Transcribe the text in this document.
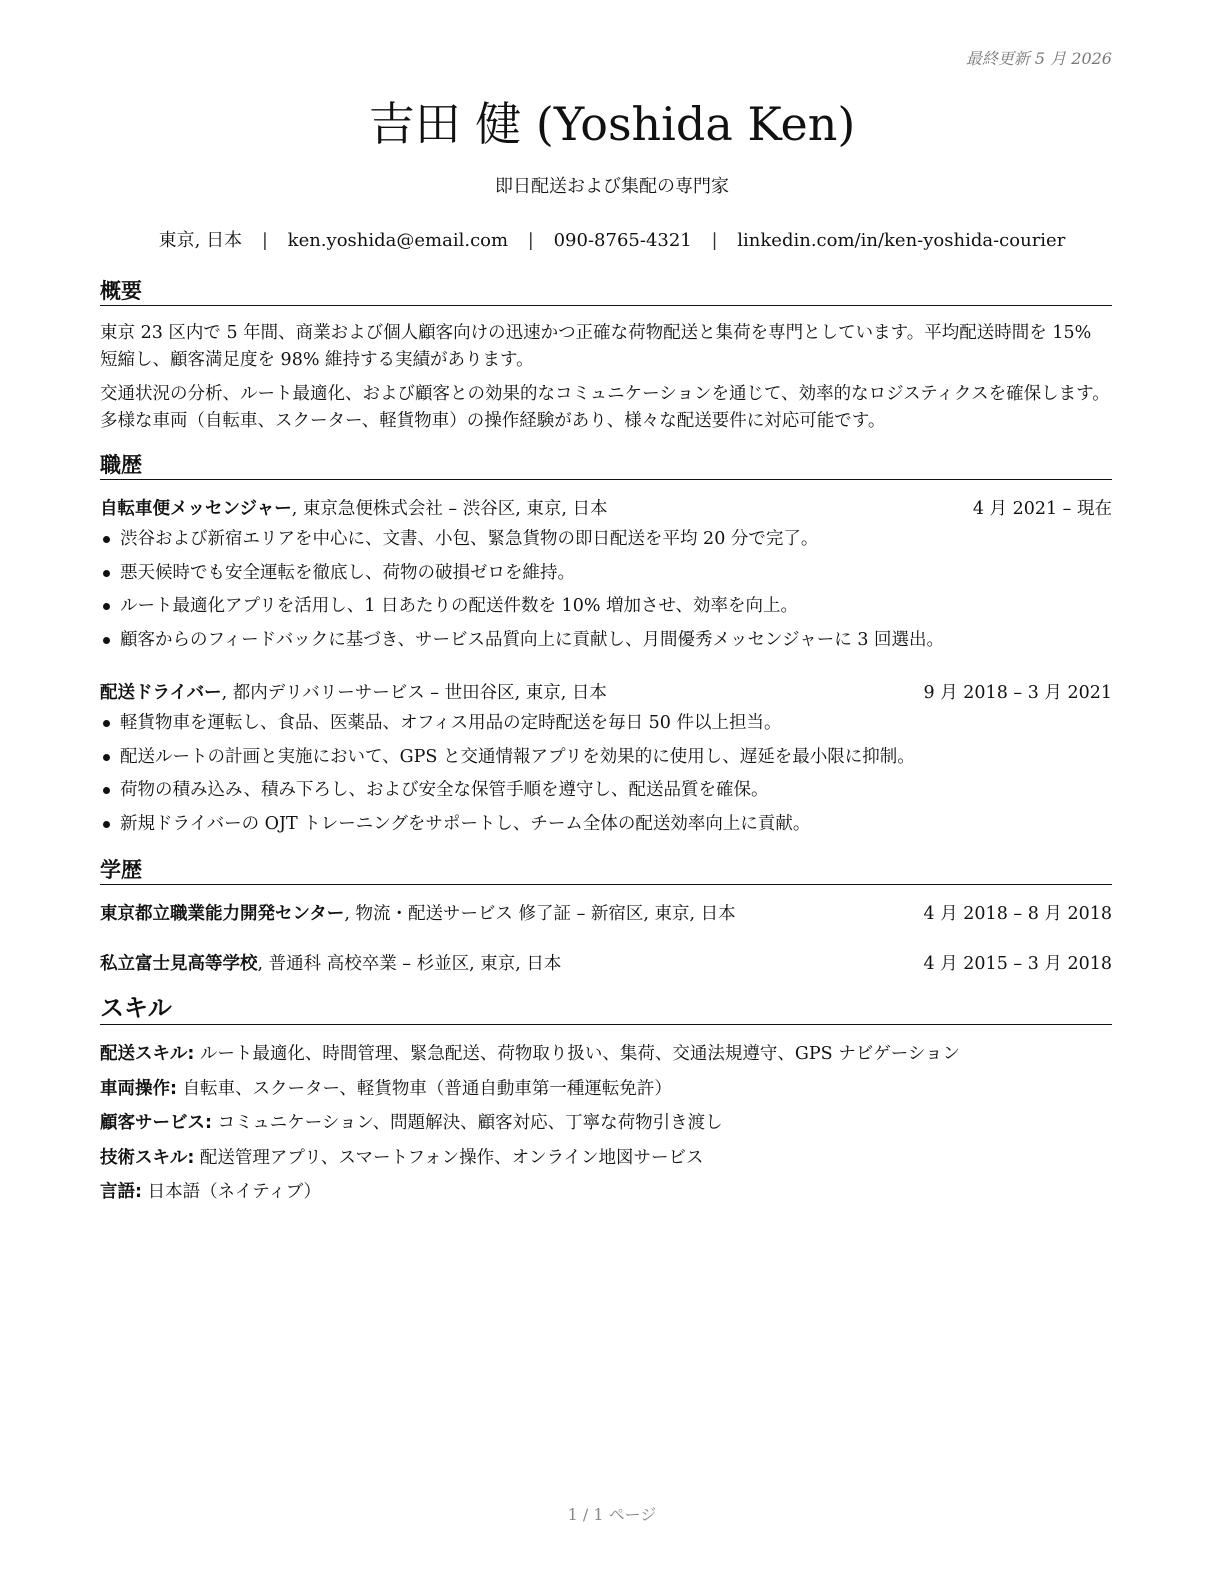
最終更新 5 月 2026
吉田 健 (Yoshida Ken)
即日配送および集配の専門家
東京, 日本 | ken.yoshida@email.com | 090-8765-4321 | linkedin.com/in/ken-yoshida-courier
概要
東京 23 区内で 5 年間、商業および個人顧客向けの迅速かつ正確な荷物配送と集荷を専門としています。平均配送時間を 15% 短縮し、顧客満足度を 98% 維持する実績があります。
交通状況の分析、ルート最適化、および顧客との効果的なコミュニケーションを通じて、効率的なロジスティクスを確保します。多様な車両（自転車、スクーター、軽貨物車）の操作経験があり、様々な配送要件に対応可能です。
職歴
自転車便メッセンジャー, 東京急便株式会社 – 渋谷区, 東京, 日本	4 月 2021 – 現在
渋谷および新宿エリアを中心に、文書、小包、緊急貨物の即日配送を平均 20 分で完了。
悪天候時でも安全運転を徹底し、荷物の破損ゼロを維持。
ルート最適化アプリを活用し、1 日あたりの配送件数を 10% 増加させ、効率を向上。
顧客からのフィードバックに基づき、サービス品質向上に貢献し、月間優秀メッセンジャーに 3 回選出。
配送ドライバー, 都内デリバリーサービス – 世田谷区, 東京, 日本	9 月 2018 – 3 月 2021
軽貨物車を運転し、食品、医薬品、オフィス用品の定時配送を毎日 50 件以上担当。
配送ルートの計画と実施において、GPS と交通情報アプリを効果的に使用し、遅延を最小限に抑制。
荷物の積み込み、積み下ろし、および安全な保管手順を遵守し、配送品質を確保。
新規ドライバーの OJT トレーニングをサポートし、チーム全体の配送効率向上に貢献。
学歴
東京都立職業能力開発センター, 物流・配送サービス 修了証 – 新宿区, 東京, 日本	4 月 2018 – 8 月 2018
私立富士見高等学校, 普通科 高校卒業 – 杉並区, 東京, 日本	4 月 2015 – 3 月 2018
スキル
配送スキル: ルート最適化、時間管理、緊急配送、荷物取り扱い、集荷、交通法規遵守、GPS ナビゲーション
車両操作: 自転車、スクーター、軽貨物車（普通自動車第一種運転免許）
顧客サービス: コミュニケーション、問題解決、顧客対応、丁寧な荷物引き渡し
技術スキル: 配送管理アプリ、スマートフォン操作、オンライン地図サービス
言語: 日本語（ネイティブ）
1 / 1 ページ
